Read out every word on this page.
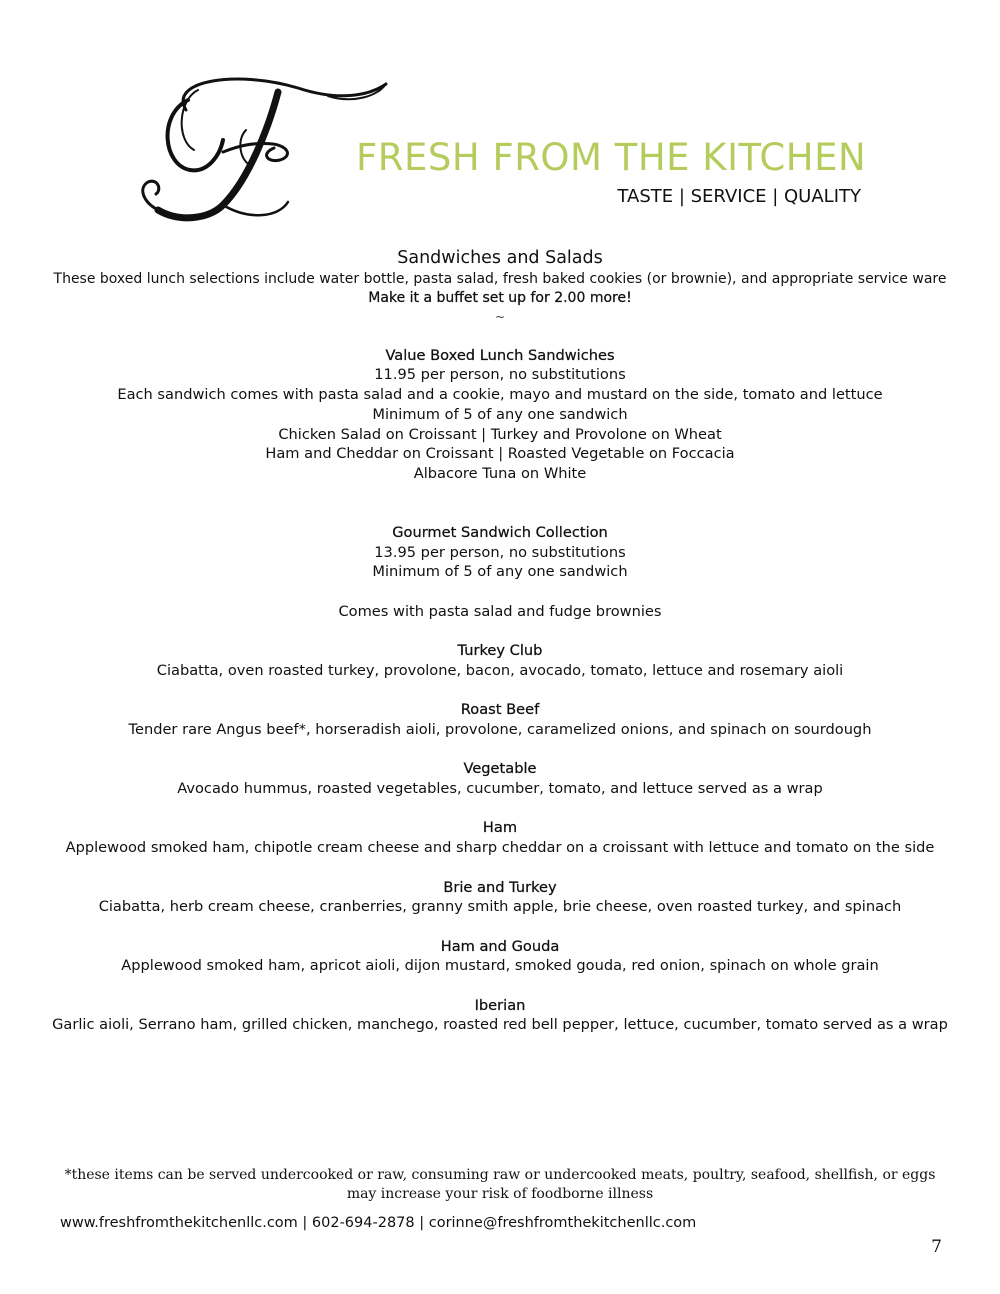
FRESH FROM THE KITCHEN
TASTE | SERVICE | QUALITY

Sandwiches and Salads

These boxed lunch selections include water bottle, pasta salad, fresh baked cookies (or brownie), and appropriate service ware

Make it a buffet set up for 2.00 more!

~

Value Boxed Lunch Sandwiches

11.95 per person, no substitutions

Each sandwich comes with pasta salad and a cookie, mayo and mustard on the side, tomato and lettuce

Minimum of 5 of any one sandwich

Chicken Salad on Croissant | Turkey and Provolone on Wheat

Ham and Cheddar on Croissant | Roasted Vegetable on Foccacia

Albacore Tuna on White

Gourmet Sandwich Collection

13.95 per person, no substitutions

Minimum of 5 of any one sandwich

Comes with pasta salad and fudge brownies

Turkey Club

Ciabatta, oven roasted turkey, provolone, bacon, avocado, tomato, lettuce and rosemary aioli

Roast Beef

Tender rare Angus beef*, horseradish aioli, provolone, caramelized onions, and spinach on sourdough

Vegetable

Avocado hummus, roasted vegetables, cucumber, tomato, and lettuce served as a wrap

Ham

Applewood smoked ham, chipotle cream cheese and sharp cheddar on a croissant with lettuce and tomato on the side

Brie and Turkey

Ciabatta, herb cream cheese, cranberries, granny smith apple, brie cheese, oven roasted turkey, and spinach

Ham and Gouda

Applewood smoked ham, apricot aioli, dijon mustard, smoked gouda, red onion, spinach on whole grain

Iberian

Garlic aioli, Serrano ham, grilled chicken, manchego, roasted red bell pepper, lettuce, cucumber, tomato served as a wrap

*these items can be served undercooked or raw, consuming raw or undercooked meats, poultry, seafood, shellfish, or eggs
may increase your risk of foodborne illness
www.freshfromthekitchenllc.com | 602-694-2878 | corinne@freshfromthekitchenllc.com
7
